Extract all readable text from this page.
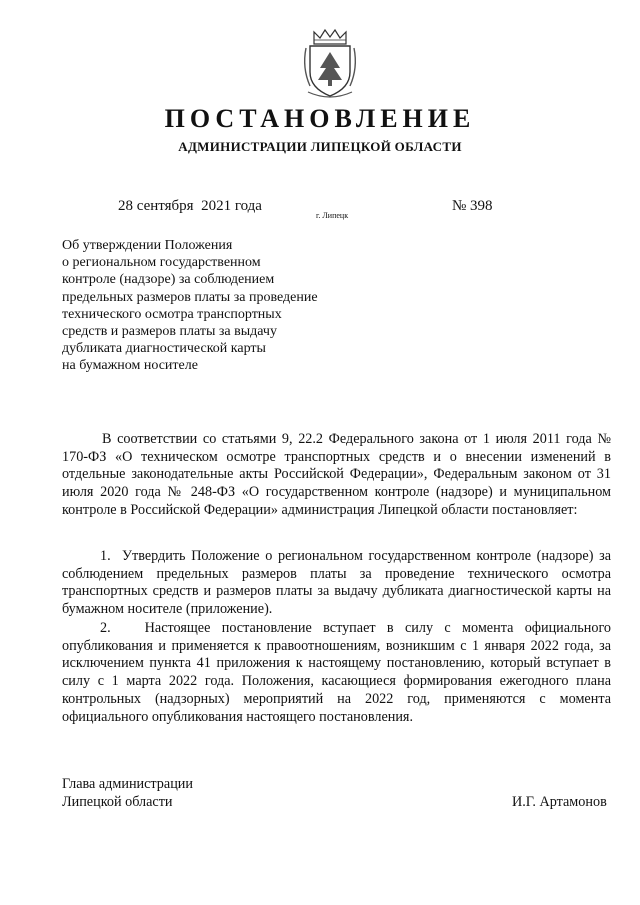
ПОСТАНОВЛЕНИЕ
АДМИНИСТРАЦИИ ЛИПЕЦКОЙ ОБЛАСТИ
28 сентября  2021 года
г. Липецк
№ 398
Об утверждении Положения
о региональном государственном
контроле (надзоре) за соблюдением
предельных размеров платы за проведение
технического осмотра транспортных
средств и размеров платы за выдачу
дубликата диагностической карты
на бумажном носителе
В соответствии со статьями 9, 22.2 Федерального закона от 1 июля 2011 года № 170-ФЗ «О техническом осмотре транспортных средств и о внесении изменений в отдельные законодательные акты Российской Федерации», Федеральным законом от 31 июля 2020 года № 248-ФЗ «О государственном контроле (надзоре) и муниципальном контроле в Российской Федерации» администрация Липецкой области постановляет:
1.  Утвердить Положение о региональном государственном контроле (надзоре) за соблюдением предельных размеров платы за проведение технического осмотра транспортных средств и размеров платы за выдачу дубликата диагностической карты на бумажном носителе (приложение).
2.   Настоящее постановление вступает в силу с момента официального опубликования и применяется к правоотношениям, возникшим с 1 января 2022 года, за исключением пункта 41 приложения к настоящему постановлению, который вступает в силу с 1 марта 2022 года. Положения, касающиеся формирования ежегодного плана контрольных (надзорных) мероприятий на 2022 год, применяются с момента официального опубликования настоящего постановления.
Глава администрации
Липецкой области	И.Г. Артамонов
